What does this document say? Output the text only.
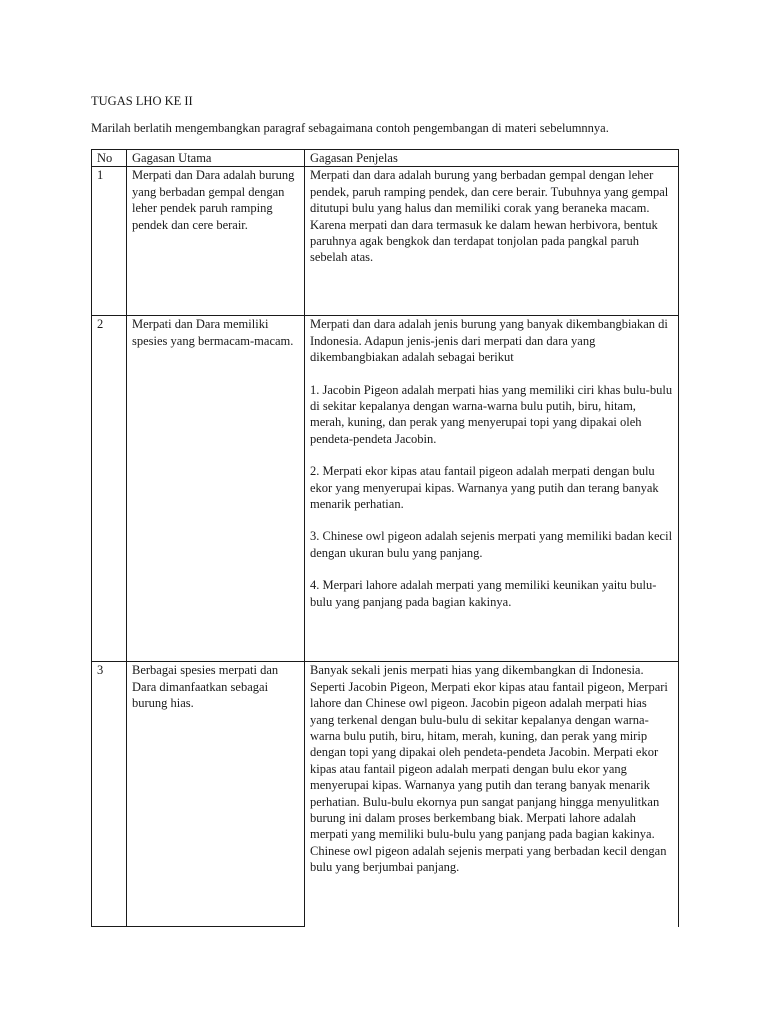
TUGAS LHO KE II
Marilah berlatih mengembangkan paragraf sebagaimana contoh pengembangan di materi sebelumnnya.
No	Gagasan Utama	Gagasan Penjelas
1	Merpati dan Dara adalah burung yang berbadan gempal dengan leher pendek paruh ramping pendek dan cere berair.	Merpati dan dara adalah burung yang berbadan gempal dengan leher pendek, paruh ramping pendek, dan cere berair. Tubuhnya yang gempal ditutupi bulu yang halus dan memiliki corak yang beraneka macam. Karena merpati dan dara termasuk ke dalam hewan herbivora, bentuk paruhnya agak bengkok dan terdapat tonjolan pada pangkal paruh sebelah atas.

2	Merpati dan Dara memiliki spesies yang bermacam-macam.	Merpati dan dara adalah jenis burung yang banyak dikembangbiakan di Indonesia. Adapun jenis-jenis dari merpati dan dara yang dikembangbiakan adalah sebagai berikut

1. Jacobin Pigeon adalah merpati hias yang memiliki ciri khas bulu-bulu di sekitar kepalanya dengan warna-warna bulu putih, biru, hitam, merah, kuning, dan perak yang menyerupai topi yang dipakai oleh pendeta-pendeta Jacobin.

2. Merpati ekor kipas atau fantail pigeon adalah merpati dengan bulu ekor yang menyerupai kipas. Warnanya yang putih dan terang banyak menarik perhatian.

3. Chinese owl pigeon adalah sejenis merpati yang memiliki badan kecil dengan ukuran bulu yang panjang.

4. Merpari lahore adalah merpati yang memiliki keunikan yaitu bulu-bulu yang panjang pada bagian kakinya.

3	Berbagai spesies merpati dan Dara dimanfaatkan sebagai burung hias.	Banyak sekali jenis merpati hias yang dikembangkan di Indonesia. Seperti Jacobin Pigeon, Merpati ekor kipas atau fantail pigeon, Merpari lahore dan Chinese owl pigeon. Jacobin pigeon adalah merpati hias yang terkenal dengan bulu-bulu di sekitar kepalanya dengan warna-warna bulu putih, biru, hitam, merah, kuning, dan perak yang mirip dengan topi yang dipakai oleh pendeta-pendeta Jacobin. Merpati ekor kipas atau fantail pigeon adalah merpati dengan bulu ekor yang menyerupai kipas. Warnanya yang putih dan terang banyak menarik perhatian. Bulu-bulu ekornya pun sangat panjang hingga menyulitkan burung ini dalam proses berkembang biak. Merpati lahore adalah merpati yang memiliki bulu-bulu yang panjang pada bagian kakinya. Chinese owl pigeon adalah sejenis merpati yang berbadan kecil dengan bulu yang berjumbai panjang.
